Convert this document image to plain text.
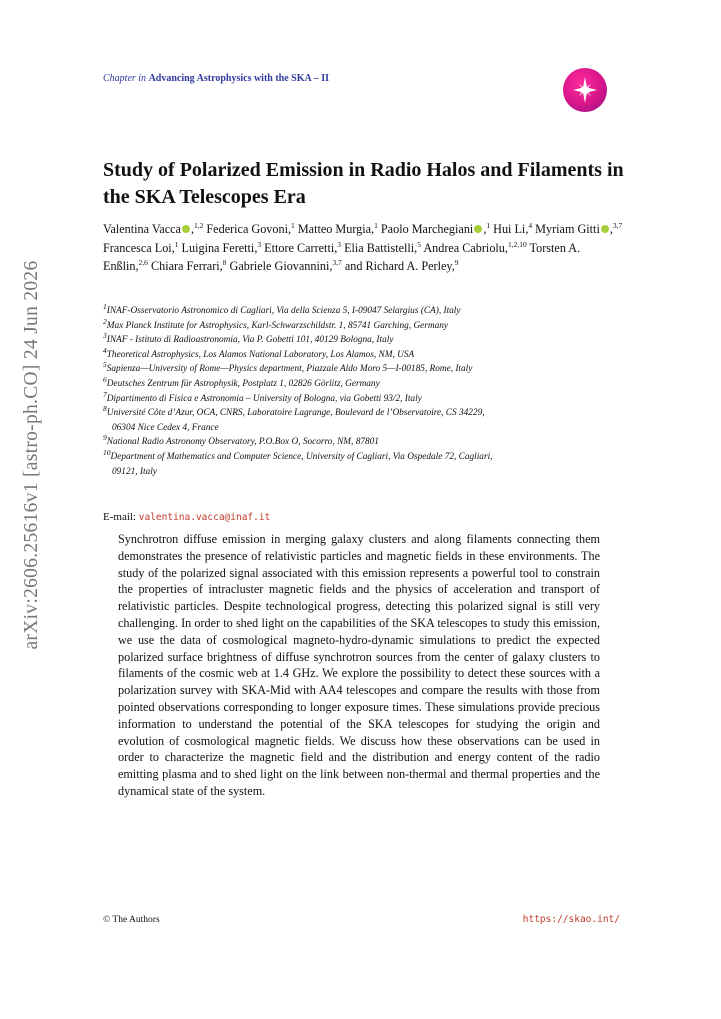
arXiv:2606.25616v1 [astro-ph.CO] 24 Jun 2026
Chapter in Advancing Astrophysics with the SKA – II
Study of Polarized Emission in Radio Halos and Filaments in the SKA Telescopes Era
Valentina Vacca ,$^{1,2}$ Federica Govoni,$^1$ Matteo Murgia,$^1$ Paolo Marchegiani ,$^1$ Hui Li,$^4$ Myriam Gitti ,$^{3,7}$ Francesca Loi,$^1$ Luigina Feretti,$^3$ Ettore Carretti,$^3$ Elia Battistelli,$^5$ Andrea Cabriolu,$^{1,2,10}$ Torsten A. Enßlin,$^{2,6}$ Chiara Ferrari,$^8$ Gabriele Giovannini,$^{3,7}$ and Richard A. Perley,$^9$
$^1$INAF-Osservatorio Astronomico di Cagliari, Via della Scienza 5, I-09047 Selargius (CA), Italy
$^2$Max Planck Institute for Astrophysics, Karl-Schwarzschildstr. 1, 85741 Garching, Germany
$^3$INAF - Istituto di Radioastronomia, Via P. Gobetti 101, 40129 Bologna, Italy
$^4$Theoretical Astrophysics, Los Alamos National Laboratory, Los Alamos, NM, USA
$^5$Sapienza—University of Rome—Physics department, Piazzale Aldo Moro 5—I-00185, Rome, Italy
$^6$Deutsches Zentrum für Astrophysik, Postplatz 1, 02826 Görlitz, Germany
$^7$Dipartimento di Fisica e Astronomia – University of Bologna, via Gobetti 93/2, Italy
$^8$Université Côte d’Azur, OCA, CNRS, Laboratoire Lagrange, Boulevard de l’Observatoire, CS 34229,
06304 Nice Cedex 4, France
$^9$National Radio Astronomy Observatory, P.O.Box O, Socorro, NM, 87801
$^{10}$Department of Mathematics and Computer Science, University of Cagliari, Via Ospedale 72, Cagliari,
09121, Italy
E-mail: valentina.vacca@inaf.it

Synchrotron diffuse emission in merging galaxy clusters and along filaments connecting them demonstrates the presence of relativistic particles and magnetic fields in these environments. The study of the polarized signal associated with this emission represents a powerful tool to constrain the properties of intracluster magnetic fields and the physics of acceleration and transport of relativistic particles. Despite technological progress, detecting this polarized signal is still very challenging. In order to shed light on the capabilities of the SKA telescopes to study this emission, we use the data of cosmological magneto-hydro-dynamic simulations to predict the expected polarized surface brightness of diffuse synchrotron sources from the center of galaxy clusters to filaments of the cosmic web at 1.4 GHz. We explore the possibility to detect these sources with a polarization survey with SKA-Mid with AA4 telescopes and compare the results with those from pointed observations corresponding to longer exposure times. These simulations provide precious information to understand the potential of the SKA telescopes for studying the origin and evolution of cosmological magnetic fields. We discuss how these observations can be used in order to characterize the magnetic field and the distribution and energy content of the radio emitting plasma and to shed light on the link between non-thermal and thermal properties and the dynamical state of the system.

© The Authors	https://skao.int/
